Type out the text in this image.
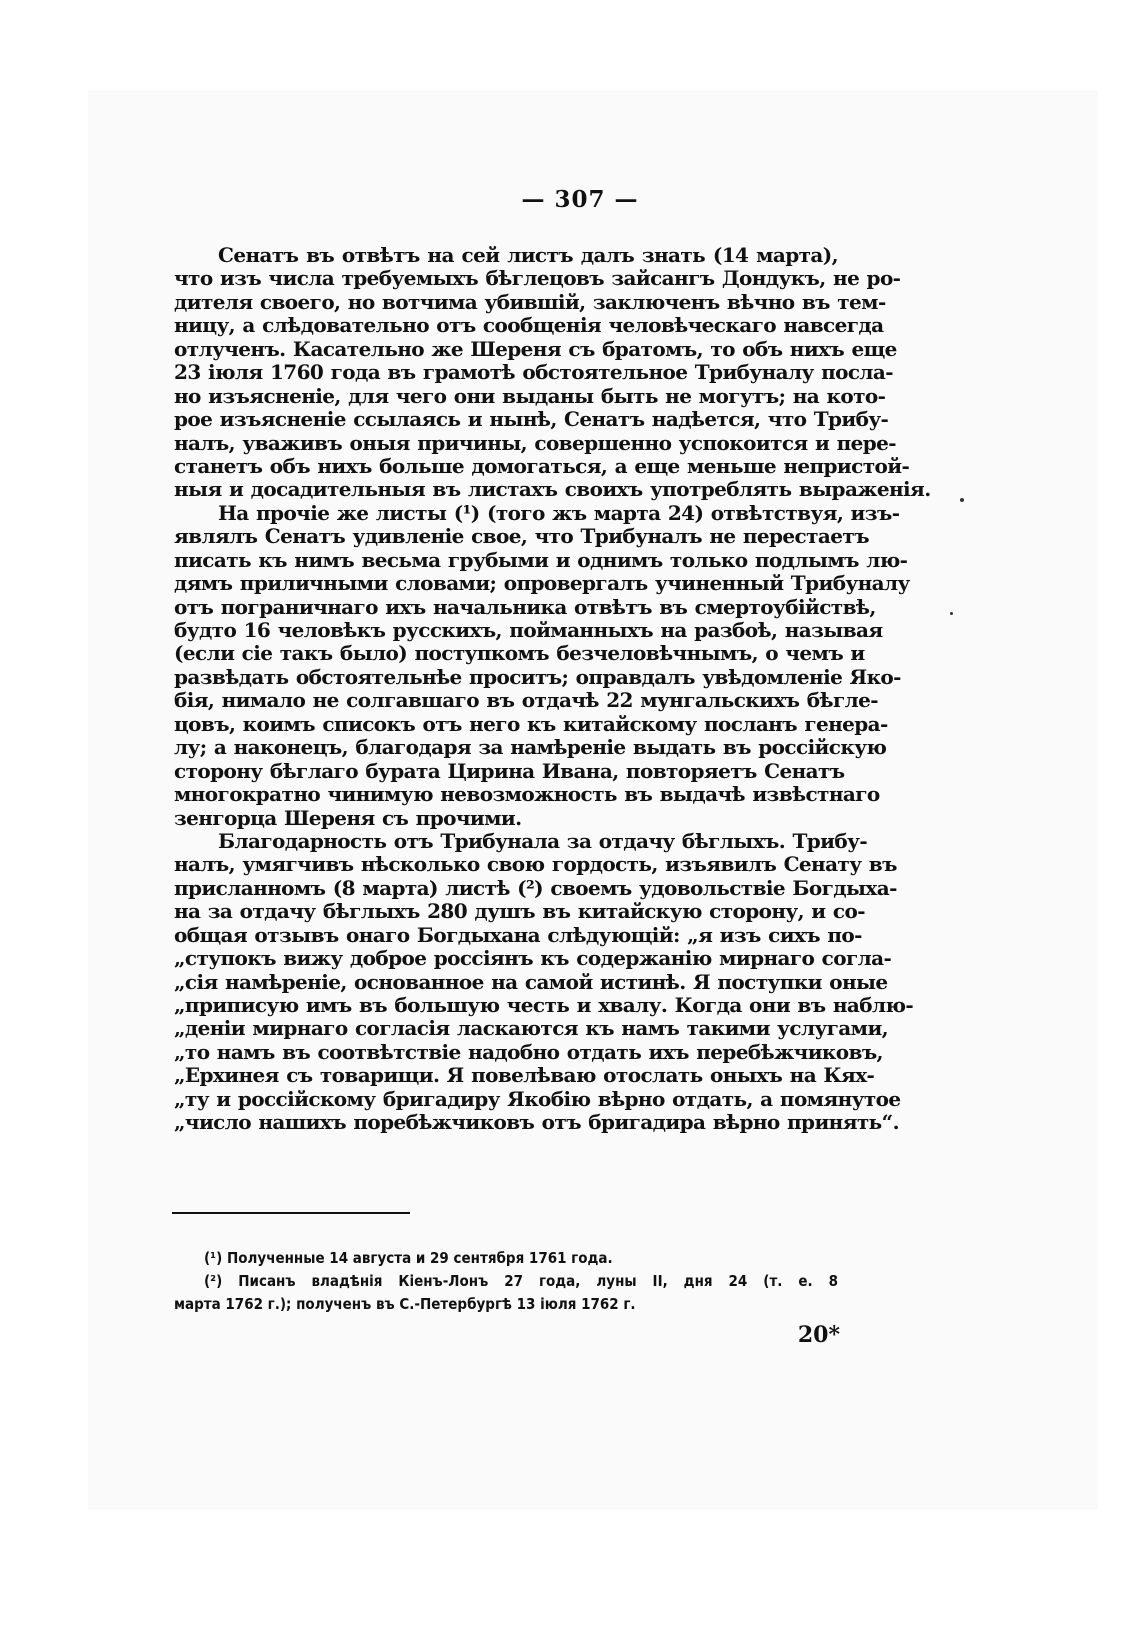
— 307 —
Сенатъ въ отвѣтъ на сей листъ далъ знать (14 марта),
что изъ числа требуемыхъ бѣглецовъ зайсангъ Дондукъ, не ро-
дителя своего, но вотчима убившій, заключенъ вѣчно въ тем-
ницу, а слѣдовательно отъ сообщенія человѣческаго навсегда
отлученъ. Касательно же Шереня съ братомъ, то объ нихъ еще
23 іюля 1760 года въ грамотѣ обстоятельное Трибуналу посла-
но изъясненіе, для чего они выданы быть не могутъ; на кото-
рое изъясненіе ссылаясь и нынѣ, Сенатъ надѣется, что Трибу-
налъ, уваживъ оныя причины, совершенно успокоится и пере-
станетъ объ нихъ больше домогаться, а еще меньше непристой-
ныя и досадительныя въ листахъ своихъ употреблять выраженія.
На прочіе же листы (¹) (того жъ марта 24) отвѣтствуя, изъ-
являлъ Сенатъ удивленіе свое, что Трибуналъ не перестаетъ
писать къ нимъ весьма грубыми и однимъ только подлымъ лю-
дямъ приличными словами; опровергалъ учиненный Трибуналу
отъ пограничнаго ихъ начальника отвѣтъ въ смертоубійствѣ,
будто 16 человѣкъ русскихъ, пойманныхъ на разбоѣ, называя
(если сіе такъ было) поступкомъ безчеловѣчнымъ, о чемъ и
развѣдать обстоятельнѣе проситъ; оправдалъ увѣдомленіе Яко-
бія, нимало не солгавшаго въ отдачѣ 22 мунгальскихъ бѣгле-
цовъ, коимъ списокъ отъ него къ китайскому посланъ генера-
лу; а наконецъ, благодаря за намѣреніе выдать въ россійскую
сторону бѣглаго бурата Цирина Ивана, повторяетъ Сенатъ
многократно чинимую невозможность въ выдачѣ извѣстнаго
зенгорца Шереня съ прочими.
Благодарность отъ Трибунала за отдачу бѣглыхъ. Трибу-
налъ, умягчивъ нѣсколько свою гордость, изъявилъ Сенату въ
присланномъ (8 марта) листѣ (²) своемъ удовольствіе Богдыха-
на за отдачу бѣглыхъ 280 душъ въ китайскую сторону, и со-
общая отзывъ онаго Богдыхана слѣдующій: „я изъ сихъ по-
„ступокъ вижу доброе россіянъ къ содержанію мирнаго согла-
„сія намѣреніе, основанное на самой истинѣ. Я поступки оные
„приписую имъ въ большую честь и хвалу. Когда они въ наблю-
„деніи мирнаго согласія ласкаются къ намъ такими услугами,
„то намъ въ соотвѣтствіе надобно отдать ихъ перебѣжчиковъ,
„Ерхинея съ товарищи. Я повелѣваю отослать оныхъ на Кях-
„ту и россійскому бригадиру Якобію вѣрно отдать, а помянутое
„число нашихъ поребѣжчиковъ отъ бригадира вѣрно принять“.
(¹) Полученные 14 августа и 29 сентября 1761 года.
(²) Писанъ владѣнія Кіенъ-Лонъ 27 года, луны II, дня 24 (т. е. 8
марта 1762 г.); полученъ въ С.-Петербургѣ 13 іюля 1762 г.
20*
